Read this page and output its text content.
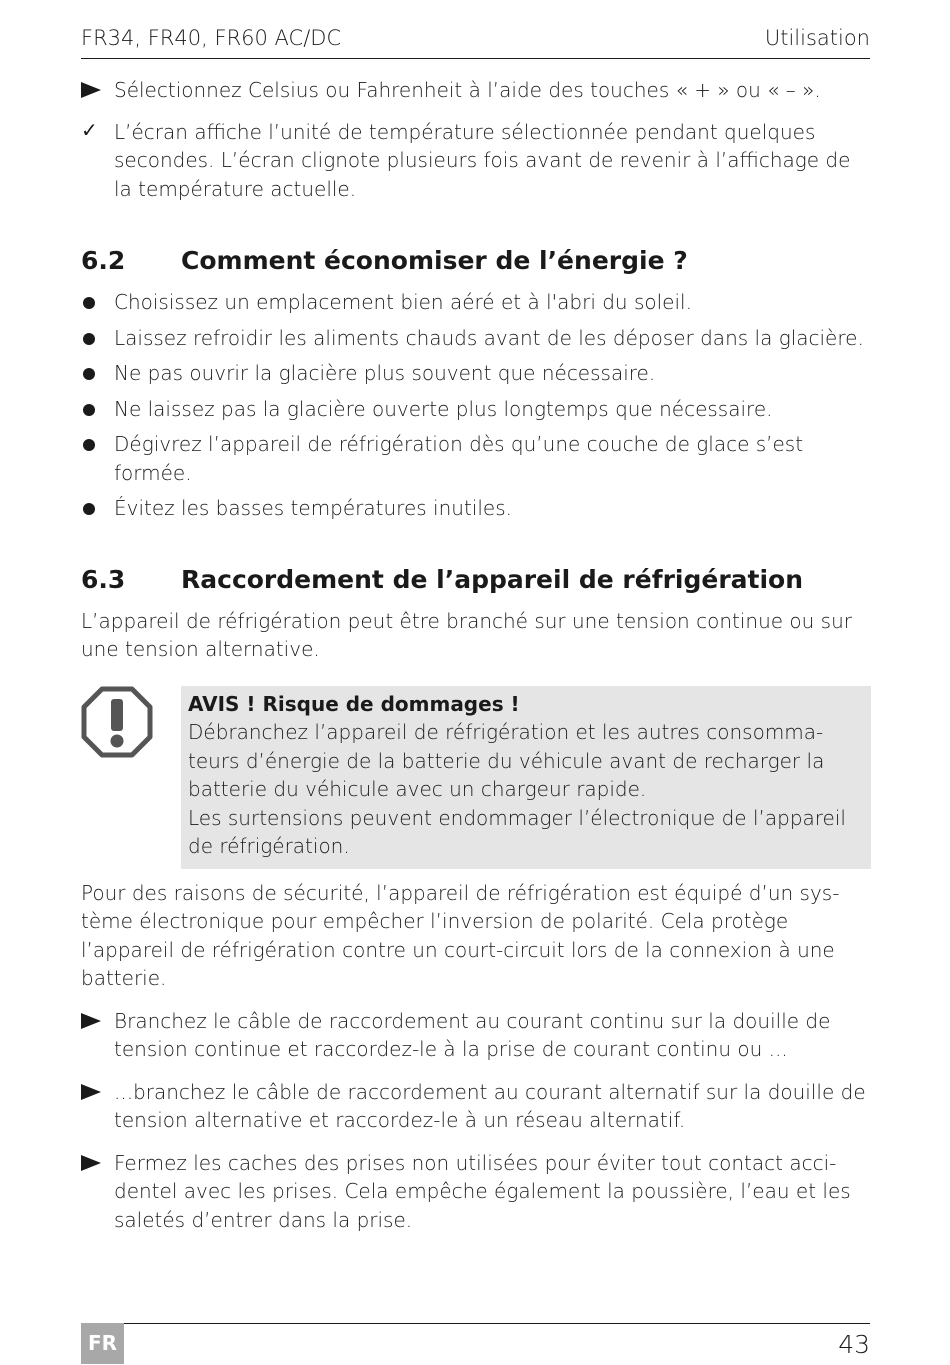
FR34, FR40, FR60 AC/DC	Utilisation
Sélectionnez Celsius ou Fahrenheit à l’aide des touches « + » ou « – ».
✓ L’écran affiche l’unité de température sélectionnée pendant quelques secondes. L’écran clignote plusieurs fois avant de revenir à l’affichage de la température actuelle.
6.2 Comment économiser de l’énergie ?
Choisissez un emplacement bien aéré et à l'abri du soleil.
Laissez refroidir les aliments chauds avant de les déposer dans la glacière.
Ne pas ouvrir la glacière plus souvent que nécessaire.
Ne laissez pas la glacière ouverte plus longtemps que nécessaire.
Dégivrez l’appareil de réfrigération dès qu’une couche de glace s’est formée.
Évitez les basses températures inutiles.
6.3 Raccordement de l’appareil de réfrigération
L’appareil de réfrigération peut être branché sur une tension continue ou sur une tension alternative.
AVIS ! Risque de dommages !
Débranchez l’appareil de réfrigération et les autres consommateurs d’énergie de la batterie du véhicule avant de recharger la batterie du véhicule avec un chargeur rapide.
Les surtensions peuvent endommager l’électronique de l’appareil de réfrigération.
Pour des raisons de sécurité, l’appareil de réfrigération est équipé d’un système électronique pour empêcher l’inversion de polarité. Cela protège l’appareil de réfrigération contre un court-circuit lors de la connexion à une batterie.
Branchez le câble de raccordement au courant continu sur la douille de tension continue et raccordez-le à la prise de courant continu ou ...
...branchez le câble de raccordement au courant alternatif sur la douille de tension alternative et raccordez-le à un réseau alternatif.
Fermez les caches des prises non utilisées pour éviter tout contact accidentel avec les prises. Cela empêche également la poussière, l’eau et les saletés d’entrer dans la prise.
FR	43
